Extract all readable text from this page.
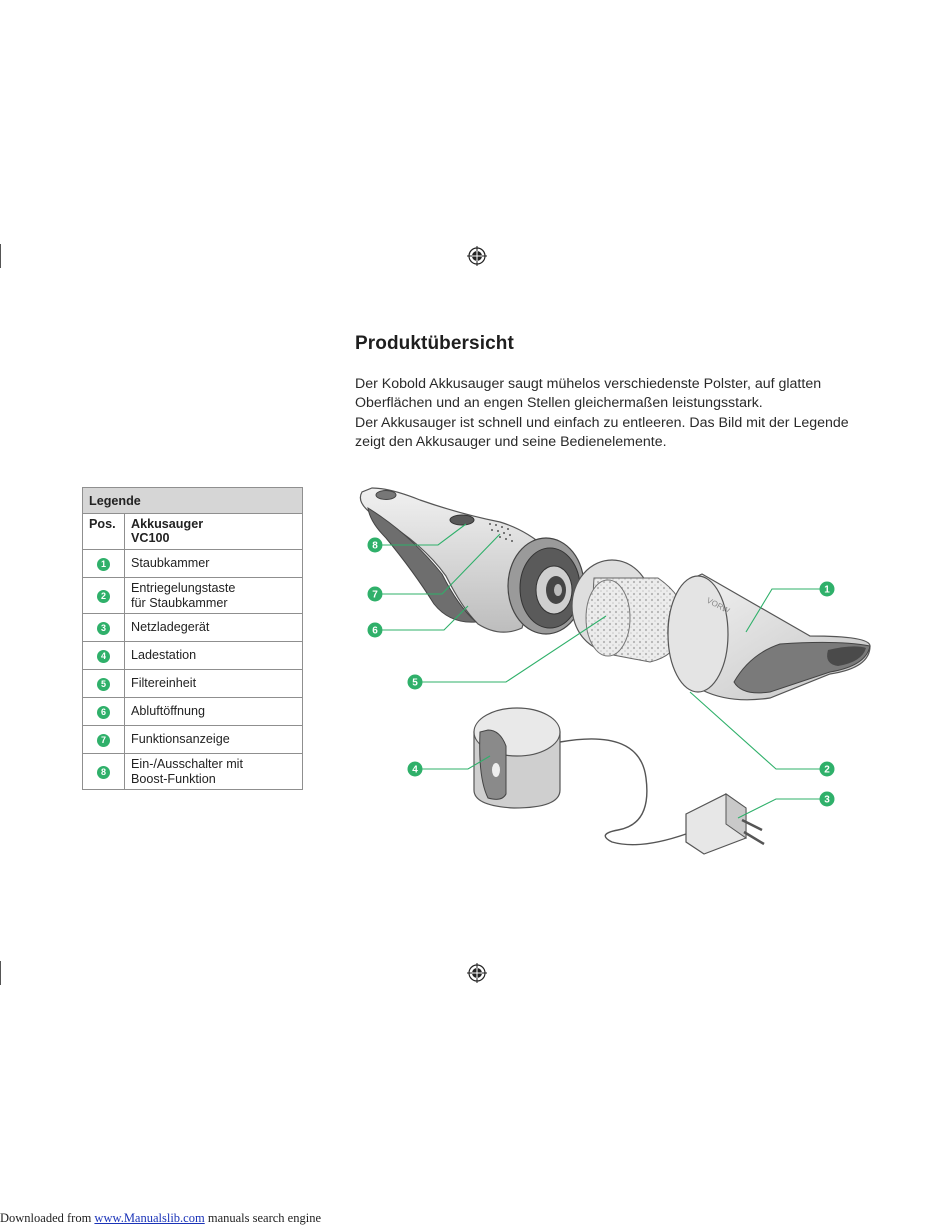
Produktübersicht

Der Kobold Akkusauger saugt mühelos verschiedenste Polster, auf glatten

Oberflächen und an engen Stellen gleichermaßen leistungsstark.

Der Akkusauger ist schnell und einfach zu entleeren. Das Bild mit der Legende

zeigt den Akkusauger und seine Bedienelemente.

Legende	
Pos.	Akkusauger
VC100

1	Staubkammer

2	Entriegelungstaste
für Staubkammer

3	Netzladegerät

4	Ladestation

5	Filtereinheit

6	Abluftöffnung

7	Funktionsanzeige

8	Ein-/Ausschalter mit
Boost-Funktion
VORW
8
7
6
5
4
1
2
3
Downloaded from www.Manualslib.com manuals search engine
